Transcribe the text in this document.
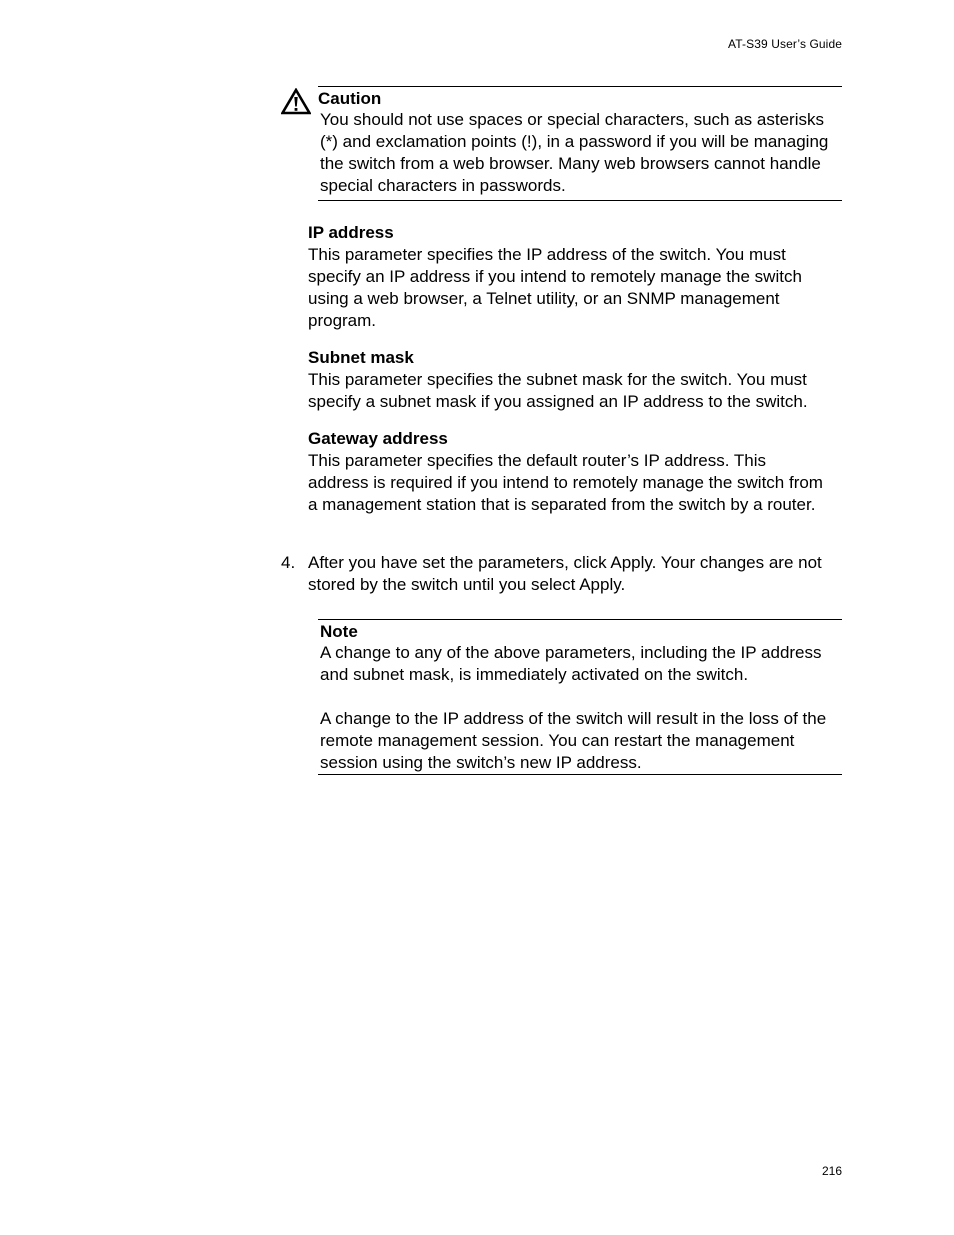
AT-S39 User’s Guide

Caution

You should not use spaces or special characters, such as asterisks (*) and exclamation points (!), in a password if you will be managing the switch from a web browser. Many web browsers cannot handle special characters in passwords.

IP address

This parameter specifies the IP address of the switch. You must specify an IP address if you intend to remotely manage the switch using a web browser, a Telnet utility, or an SNMP management program.

Subnet mask

This parameter specifies the subnet mask for the switch. You must specify a subnet mask if you assigned an IP address to the switch.

Gateway address

This parameter specifies the default router’s IP address. This address is required if you intend to remotely manage the switch from a management station that is separated from the switch by a router.

4. After you have set the parameters, click Apply. Your changes are not stored by the switch until you select Apply.

Note

A change to any of the above parameters, including the IP address and subnet mask, is immediately activated on the switch.

A change to the IP address of the switch will result in the loss of the remote management session. You can restart the management session using the switch’s new IP address.

216
